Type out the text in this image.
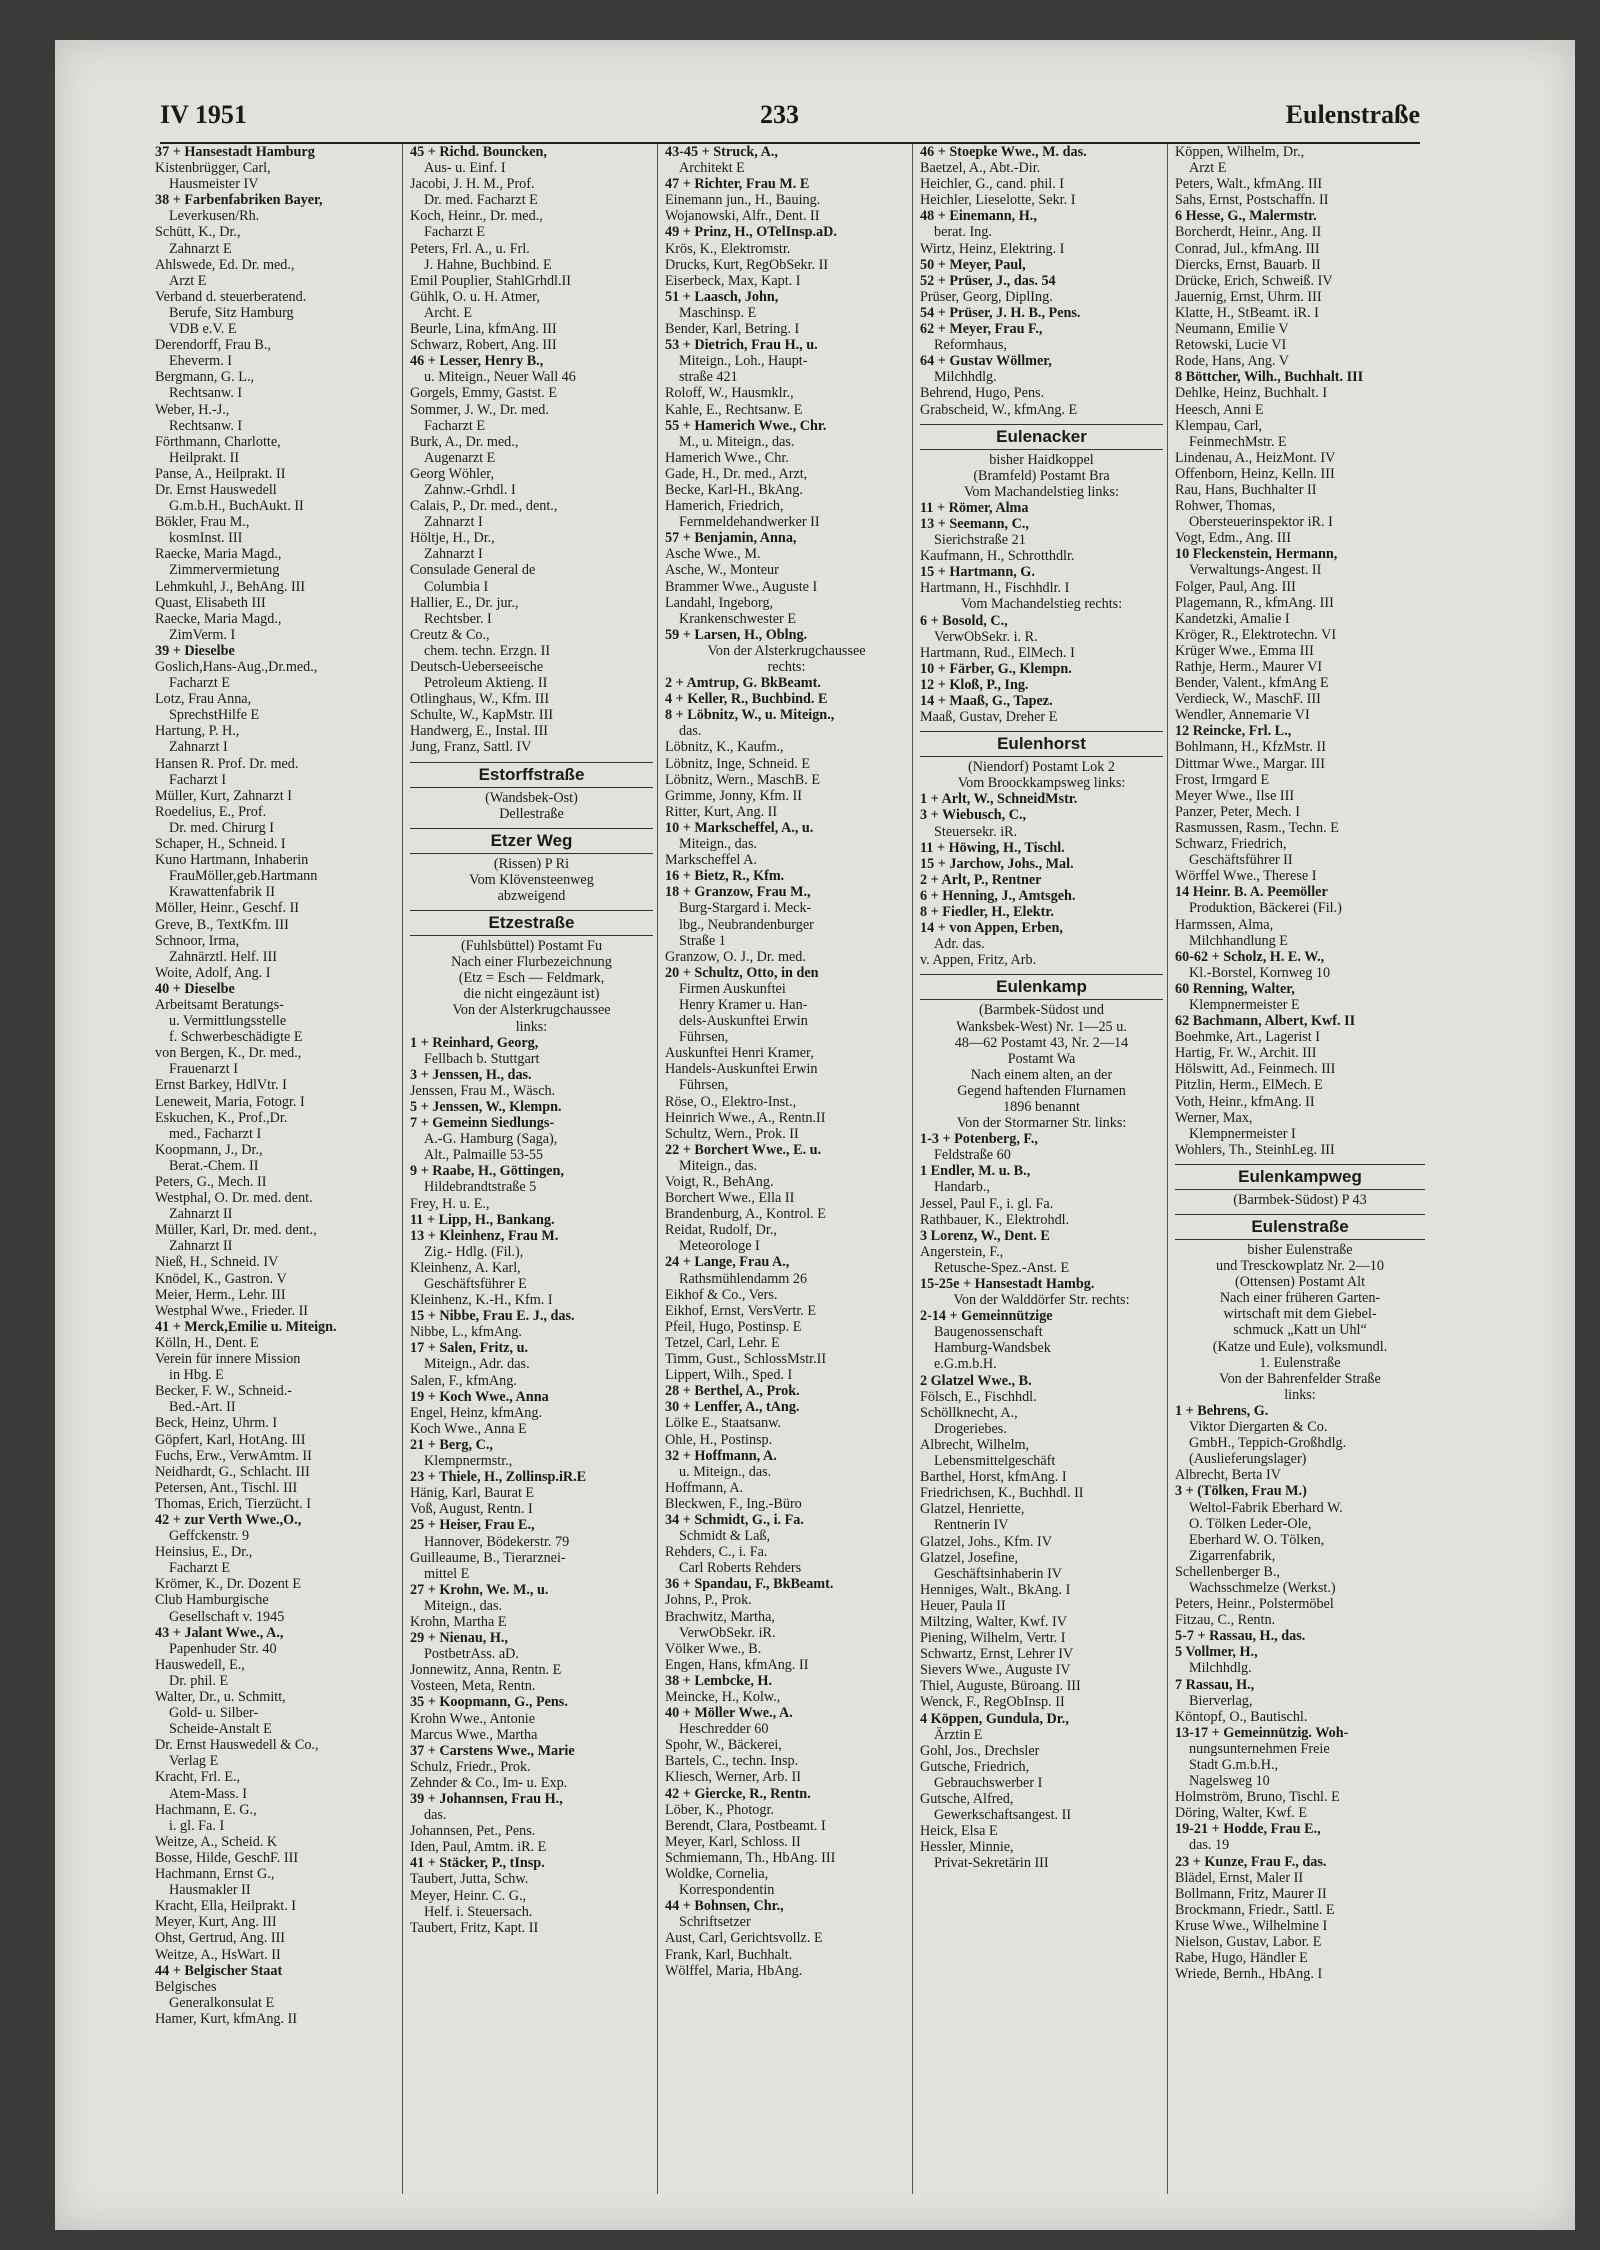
IV 1951	233	Eulenstraße
37 + Hansestadt Hamburg
Kistenbrügger, Carl,
Hausmeister IV
38 + Farbenfabriken Bayer,
Leverkusen/Rh.
Schütt, K., Dr.,
Zahnarzt E
Ahlswede, Ed. Dr. med.,
Arzt E
Verband d. steuerberatend.
Berufe, Sitz Hamburg
VDB e.V. E
Derendorff, Frau B.,
Eheverm. I
Bergmann, G. L.,
Rechtsanw. I
Weber, H.-J.,
Rechtsanw. I
Förthmann, Charlotte,
Heilprakt. II
Panse, A., Heilprakt. II
Dr. Ernst Hauswedell
G.m.b.H., BuchAukt. II
Bökler, Frau M.,
kosmInst. III
Raecke, Maria Magd.,
Zimmervermietung
Lehmkuhl, J., BehAng. III
Quast, Elisabeth III
Raecke, Maria Magd.,
ZimVerm. I
39 + Dieselbe
Goslich,Hans-Aug.,Dr.med.,
Facharzt E
Lotz, Frau Anna,
SprechstHilfe E
Hartung, P. H.,
Zahnarzt I
Hansen R. Prof. Dr. med.
Facharzt I
Müller, Kurt, Zahnarzt I
Roedelius, E., Prof.
Dr. med. Chirurg I
Schaper, H., Schneid. I
Kuno Hartmann, Inhaberin
FrauMöller,geb.Hartmann
Krawattenfabrik II
Möller, Heinr., Geschf. II
Greve, B., TextKfm. III
Schnoor, Irma,
Zahnärztl. Helf. III
Woite, Adolf, Ang. I
40 + Dieselbe
Arbeitsamt Beratungs-
u. Vermittlungsstelle
f. Schwerbeschädigte E
von Bergen, K., Dr. med.,
Frauenarzt I
Ernst Barkey, HdlVtr. I
Leneweit, Maria, Fotogr. I
Eskuchen, K., Prof.,Dr.
med., Facharzt I
Koopmann, J., Dr.,
Berat.-Chem. II
Peters, G., Mech. II
Westphal, O. Dr. med. dent.
Zahnarzt II
Müller, Karl, Dr. med. dent.,
Zahnarzt II
Nieß, H., Schneid. IV
Knödel, K., Gastron. V
Meier, Herm., Lehr. III
Westphal Wwe., Frieder. II
41 + Merck,Emilie u. Miteign.
Kölln, H., Dent. E
Verein für innere Mission
in Hbg. E
Becker, F. W., Schneid.-
Bed.-Art. II
Beck, Heinz, Uhrm. I
Göpfert, Karl, HotAng. III
Fuchs, Erw., VerwAmtm. II
Neidhardt, G., Schlacht. III
Petersen, Ant., Tischl. III
Thomas, Erich, Tierzücht. I
42 + zur Verth Wwe.,O.,
Geffckenstr. 9
Heinsius, E., Dr.,
Facharzt E
Krömer, K., Dr. Dozent E
Club Hamburgische
Gesellschaft v. 1945
43 + Jalant Wwe., A.,
Papenhuder Str. 40
Hauswedell, E.,
Dr. phil. E
Walter, Dr., u. Schmitt,
Gold- u. Silber-
Scheide-Anstalt E
Dr. Ernst Hauswedell & Co.,
Verlag E
Kracht, Frl. E.,
Atem-Mass. I
Hachmann, E. G.,
i. gl. Fa. I
Weitze, A., Scheid. K
Bosse, Hilde, GeschF. III
Hachmann, Ernst G.,
Hausmakler II
Kracht, Ella, Heilprakt. I
Meyer, Kurt, Ang. III
Ohst, Gertrud, Ang. III
Weitze, A., HsWart. II
44 + Belgischer Staat
Belgisches
Generalkonsulat E
Hamer, Kurt, kfmAng. II
45 + Richd. Bouncken,
Aus- u. Einf. I
Jacobi, J. H. M., Prof.
Dr. med. Facharzt E
Koch, Heinr., Dr. med.,
Facharzt E
Peters, Frl. A., u. Frl.
J. Hahne, Buchbind. E
Emil Pouplier, StahlGrhdl.II
Gühlk, O. u. H. Atmer,
Archt. E
Beurle, Lina, kfmAng. III
Schwarz, Robert, Ang. III
46 + Lesser, Henry B.,
u. Miteign., Neuer Wall 46
Gorgels, Emmy, Gastst. E
Sommer, J. W., Dr. med.
Facharzt E
Burk, A., Dr. med.,
Augenarzt E
Georg Wöhler,
Zahnw.-Grhdl. I
Calais, P., Dr. med., dent.,
Zahnarzt I
Höltje, H., Dr.,
Zahnarzt I
Consulade General de
Columbia I
Hallier, E., Dr. jur.,
Rechtsber. I
Creutz & Co.,
chem. techn. Erzgn. II
Deutsch-Ueberseeische
Petroleum Aktieng. II
Otlinghaus, W., Kfm. III
Schulte, W., KapMstr. III
Handwerg, E., Instal. III
Jung, Franz, Sattl. IV
Estorffstraße
(Wandsbek-Ost)
Dellestraße
Etzer Weg
(Rissen) P Ri
Vom Klövensteenweg
abzweigend
Etzestraße
(Fuhlsbüttel) Postamt Fu
Nach einer Flurbezeichnung
(Etz = Esch — Feldmark,
die nicht eingezäunt ist)
Von der Alsterkrugchaussee
links:
1 + Reinhard, Georg,
Fellbach b. Stuttgart
3 + Jenssen, H., das.
Jenssen, Frau M., Wäsch.
5 + Jenssen, W., Klempn.
7 + Gemeinn Siedlungs-
A.-G. Hamburg (Saga),
Alt., Palmaille 53-55
9 + Raabe, H., Göttingen,
Hildebrandtstraße 5
Frey, H. u. E.,
11 + Lipp, H., Bankang.
13 + Kleinhenz, Frau M.
Zig.- Hdlg. (Fil.),
Kleinhenz, A. Karl,
Geschäftsführer E
Kleinhenz, K.-H., Kfm. I
15 + Nibbe, Frau E. J., das.
Nibbe, L., kfmAng.
17 + Salen, Fritz, u.
Miteign., Adr. das.
Salen, F., kfmAng.
19 + Koch Wwe., Anna
Engel, Heinz, kfmAng.
Koch Wwe., Anna E
21 + Berg, C.,
Klempnermstr.,
23 + Thiele, H., Zollinsp.iR.E
Hänig, Karl, Baurat E
Voß, August, Rentn. I
25 + Heiser, Frau E.,
Hannover, Bödekerstr. 79
Guilleaume, B., Tierarznei-
mittel E
27 + Krohn, We. M., u.
Miteign., das.
Krohn, Martha E
29 + Nienau, H.,
PostbetrAss. aD.
Jonnewitz, Anna, Rentn. E
Vosteen, Meta, Rentn.
35 + Koopmann, G., Pens.
Krohn Wwe., Antonie
Marcus Wwe., Martha
37 + Carstens Wwe., Marie
Schulz, Friedr., Prok.
Zehnder & Co., Im- u. Exp.
39 + Johannsen, Frau H.,
das.
Johannsen, Pet., Pens.
Iden, Paul, Amtm. iR. E
41 + Stäcker, P., tInsp.
Taubert, Jutta, Schw.
Meyer, Heinr. C. G.,
Helf. i. Steuersach.
Taubert, Fritz, Kapt. II
43-45 + Struck, A.,
Architekt E
47 + Richter, Frau M. E
Einemann jun., H., Bauing.
Wojanowski, Alfr., Dent. II
49 + Prinz, H., OTelInsp.aD.
Krös, K., Elektromstr.
Drucks, Kurt, RegObSekr. II
Eiserbeck, Max, Kapt. I
51 + Laasch, John,
Maschinsp. E
Bender, Karl, Betring. I
53 + Dietrich, Frau H., u.
Miteign., Loh., Haupt-
straße 421
Roloff, W., Hausmklr.,
Kahle, E., Rechtsanw. E
55 + Hamerich Wwe., Chr.
M., u. Miteign., das.
Hamerich Wwe., Chr.
Gade, H., Dr. med., Arzt,
Becke, Karl-H., BkAng.
Hamerich, Friedrich,
Fernmeldehandwerker II
57 + Benjamin, Anna,
Asche Wwe., M.
Asche, W., Monteur
Brammer Wwe., Auguste I
Landahl, Ingeborg,
Krankenschwester E
59 + Larsen, H., Oblng.
Von der Alsterkrugchaussee
rechts:
2 + Amtrup, G. BkBeamt.
4 + Keller, R., Buchbind. E
8 + Löbnitz, W., u. Miteign.,
das.
Löbnitz, K., Kaufm.,
Löbnitz, Inge, Schneid. E
Löbnitz, Wern., MaschB. E
Grimme, Jonny, Kfm. II
Ritter, Kurt, Ang. II
10 + Markscheffel, A., u.
Miteign., das.
Markscheffel A.
16 + Bietz, R., Kfm.
18 + Granzow, Frau M.,
Burg-Stargard i. Meck-
lbg., Neubrandenburger
Straße 1
Granzow, O. J., Dr. med.
20 + Schultz, Otto, in den
Firmen Auskunftei
Henry Kramer u. Han-
dels-Auskunftei Erwin
Führsen,
Auskunftei Henri Kramer,
Handels-Auskunftei Erwin
Führsen,
Röse, O., Elektro-Inst.,
Heinrich Wwe., A., Rentn.II
Schultz, Wern., Prok. II
22 + Borchert Wwe., E. u.
Miteign., das.
Voigt, R., BehAng.
Borchert Wwe., Ella II
Brandenburg, A., Kontrol. E
Reidat, Rudolf, Dr.,
Meteorologe I
24 + Lange, Frau A.,
Rathsmühlendamm 26
Eikhof & Co., Vers.
Eikhof, Ernst, VersVertr. E
Pfeil, Hugo, Postinsp. E
Tetzel, Carl, Lehr. E
Timm, Gust., SchlossMstr.II
Lippert, Wilh., Sped. I
28 + Berthel, A., Prok.
30 + Lenffer, A., tAng.
Lölke E., Staatsanw.
Ohle, H., Postinsp.
32 + Hoffmann, A.
u. Miteign., das.
Hoffmann, A.
Bleckwen, F., Ing.-Büro
34 + Schmidt, G., i. Fa.
Schmidt & Laß,
Rehders, C., i. Fa.
Carl Roberts Rehders
36 + Spandau, F., BkBeamt.
Johns, P., Prok.
Brachwitz, Martha,
VerwObSekr. iR.
Völker Wwe., B.
Engen, Hans, kfmAng. II
38 + Lembcke, H.
Meincke, H., Kolw.,
40 + Möller Wwe., A.
Heschredder 60
Spohr, W., Bäckerei,
Bartels, C., techn. Insp.
Kliesch, Werner, Arb. II
42 + Giercke, R., Rentn.
Löber, K., Photogr.
Berendt, Clara, Postbeamt. I
Meyer, Karl, Schloss. II
Schmiemann, Th., HbAng. III
Woldke, Cornelia,
Korrespondentin
44 + Bohnsen, Chr.,
Schriftsetzer
Aust, Carl, Gerichtsvollz. E
Frank, Karl, Buchhalt.
Wölffel, Maria, HbAng.
46 + Stoepke Wwe., M. das.
Baetzel, A., Abt.-Dir.
Heichler, G., cand. phil. I
Heichler, Lieselotte, Sekr. I
48 + Einemann, H.,
berat. Ing.
Wirtz, Heinz, Elektring. I
50 + Meyer, Paul,
52 + Prüser, J., das. 54
Prüser, Georg, DiplIng.
54 + Prüser, J. H. B., Pens.
62 + Meyer, Frau F.,
Reformhaus,
64 + Gustav Wöllmer,
Milchhdlg.
Behrend, Hugo, Pens.
Grabscheid, W., kfmAng. E
Eulenacker
bisher Haidkoppel
(Bramfeld) Postamt Bra
Vom Machandelstieg links:
11 + Römer, Alma
13 + Seemann, C.,
Sierichstraße 21
Kaufmann, H., Schrotthdlr.
15 + Hartmann, G.
Hartmann, H., Fischhdlr. I
Vom Machandelstieg rechts:
6 + Bosold, C.,
VerwObSekr. i. R.
Hartmann, Rud., ElMech. I
10 + Färber, G., Klempn.
12 + Kloß, P., Ing.
14 + Maaß, G., Tapez.
Maaß, Gustav, Dreher E
Eulenhorst
(Niendorf) Postamt Lok 2
Vom Broockkampsweg links:
1 + Arlt, W., SchneidMstr.
3 + Wiebusch, C.,
Steuersekr. iR.
11 + Höwing, H., Tischl.
15 + Jarchow, Johs., Mal.
2 + Arlt, P., Rentner
6 + Henning, J., Amtsgeh.
8 + Fiedler, H., Elektr.
14 + von Appen, Erben,
Adr. das.
v. Appen, Fritz, Arb.
Eulenkamp
(Barmbek-Südost und
Wanksbek-West) Nr. 1—25 u.
48—62 Postamt 43, Nr. 2—14
Postamt Wa
Nach einem alten, an der
Gegend haftenden Flurnamen
1896 benannt
Von der Stormarner Str. links:
1-3 + Potenberg, F.,
Feldstraße 60
1 Endler, M. u. B.,
Handarb.,
Jessel, Paul F., i. gl. Fa.
Rathbauer, K., Elektrohdl.
3 Lorenz, W., Dent. E
Angerstein, F.,
Retusche-Spez.-Anst. E
15-25e + Hansestadt Hambg.
Von der Walddörfer Str. rechts:
2-14 + Gemeinnützige
Baugenossenschaft
Hamburg-Wandsbek
e.G.m.b.H.
2 Glatzel Wwe., B.
Fölsch, E., Fischhdl.
Schöllknecht, A.,
Drogeriebes.
Albrecht, Wilhelm,
Lebensmittelgeschäft
Barthel, Horst, kfmAng. I
Friedrichsen, K., Buchhdl. II
Glatzel, Henriette,
Rentnerin IV
Glatzel, Johs., Kfm. IV
Glatzel, Josefine,
Geschäftsinhaberin IV
Henniges, Walt., BkAng. I
Heuer, Paula II
Miltzing, Walter, Kwf. IV
Piening, Wilhelm, Vertr. I
Schwartz, Ernst, Lehrer IV
Sievers Wwe., Auguste IV
Thiel, Auguste, Büroang. III
Wenck, F., RegObInsp. II
4 Köppen, Gundula, Dr.,
Ärztin E
Gohl, Jos., Drechsler
Gutsche, Friedrich,
Gebrauchswerber I
Gutsche, Alfred,
Gewerkschaftsangest. II
Heick, Elsa E
Hessler, Minnie,
Privat-Sekretärin III
Köppen, Wilhelm, Dr.,
Arzt E
Peters, Walt., kfmAng. III
Sahs, Ernst, Postschaffn. II
6 Hesse, G., Malermstr.
Borcherdt, Heinr., Ang. II
Conrad, Jul., kfmAng. III
Diercks, Ernst, Bauarb. II
Drücke, Erich, Schweiß. IV
Jauernig, Ernst, Uhrm. III
Klatte, H., StBeamt. iR. I
Neumann, Emilie V
Retowski, Lucie VI
Rode, Hans, Ang. V
8 Böttcher, Wilh., Buchhalt. III
Dehlke, Heinz, Buchhalt. I
Heesch, Anni E
Klempau, Carl,
FeinmechMstr. E
Lindenau, A., HeizMont. IV
Offenborn, Heinz, Kelln. III
Rau, Hans, Buchhalter II
Rohwer, Thomas,
Obersteuerinspektor iR. I
Vogt, Edm., Ang. III
10 Fleckenstein, Hermann,
Verwaltungs-Angest. II
Folger, Paul, Ang. III
Plagemann, R., kfmAng. III
Kandetzki, Amalie I
Kröger, R., Elektrotechn. VI
Krüger Wwe., Emma III
Rathje, Herm., Maurer VI
Bender, Valent., kfmAng E
Verdieck, W., MaschF. III
Wendler, Annemarie VI
12 Reincke, Frl. L.,
Bohlmann, H., KfzMstr. II
Dittmar Wwe., Margar. III
Frost, Irmgard E
Meyer Wwe., Ilse III
Panzer, Peter, Mech. I
Rasmussen, Rasm., Techn. E
Schwarz, Friedrich,
Geschäftsführer II
Wörffel Wwe., Therese I
14 Heinr. B. A. Peemöller
Produktion, Bäckerei (Fil.)
Harmssen, Alma,
Milchhandlung E
60-62 + Scholz, H. E. W.,
Kl.-Borstel, Kornweg 10
60 Renning, Walter,
Klempnermeister E
62 Bachmann, Albert, Kwf. II
Boehmke, Art., Lagerist I
Hartig, Fr. W., Archit. III
Hölswitt, Ad., Feinmech. III
Pitzlin, Herm., ElMech. E
Voth, Heinr., kfmAng. II
Werner, Max,
Klempnermeister I
Wohlers, Th., SteinhLeg. III
Eulenkampweg
(Barmbek-Südost) P 43
Eulenstraße
bisher Eulenstraße
und Tresckowplatz Nr. 2—10
(Ottensen) Postamt Alt
Nach einer früheren Garten-
wirtschaft mit dem Giebel-
schmuck „Katt un Uhl“
(Katze und Eule), volksmundl.
1. Eulenstraße
Von der Bahrenfelder Straße
links:
1 + Behrens, G.
Viktor Diergarten & Co.
GmbH., Teppich-Großhdlg.
(Auslieferungslager)
Albrecht, Berta IV
3 + (Tölken, Frau M.)
Weltol-Fabrik Eberhard W.
O. Tölken Leder-Ole,
Eberhard W. O. Tölken,
Zigarrenfabrik,
Schellenberger B.,
Wachsschmelze (Werkst.)
Peters, Heinr., Polstermöbel
Fitzau, C., Rentn.
5-7 + Rassau, H., das.
5 Vollmer, H.,
Milchhdlg.
7 Rassau, H.,
Bierverlag,
Köntopf, O., Bautischl.
13-17 + Gemeinnützig. Woh-
nungsunternehmen Freie
Stadt G.m.b.H.,
Nagelsweg 10
Holmström, Bruno, Tischl. E
Döring, Walter, Kwf. E
19-21 + Hodde, Frau E.,
das. 19
23 + Kunze, Frau F., das.
Blädel, Ernst, Maler II
Bollmann, Fritz, Maurer II
Brockmann, Friedr., Sattl. E
Kruse Wwe., Wilhelmine I
Nielson, Gustav, Labor. E
Rabe, Hugo, Händler E
Wriede, Bernh., HbAng. I
